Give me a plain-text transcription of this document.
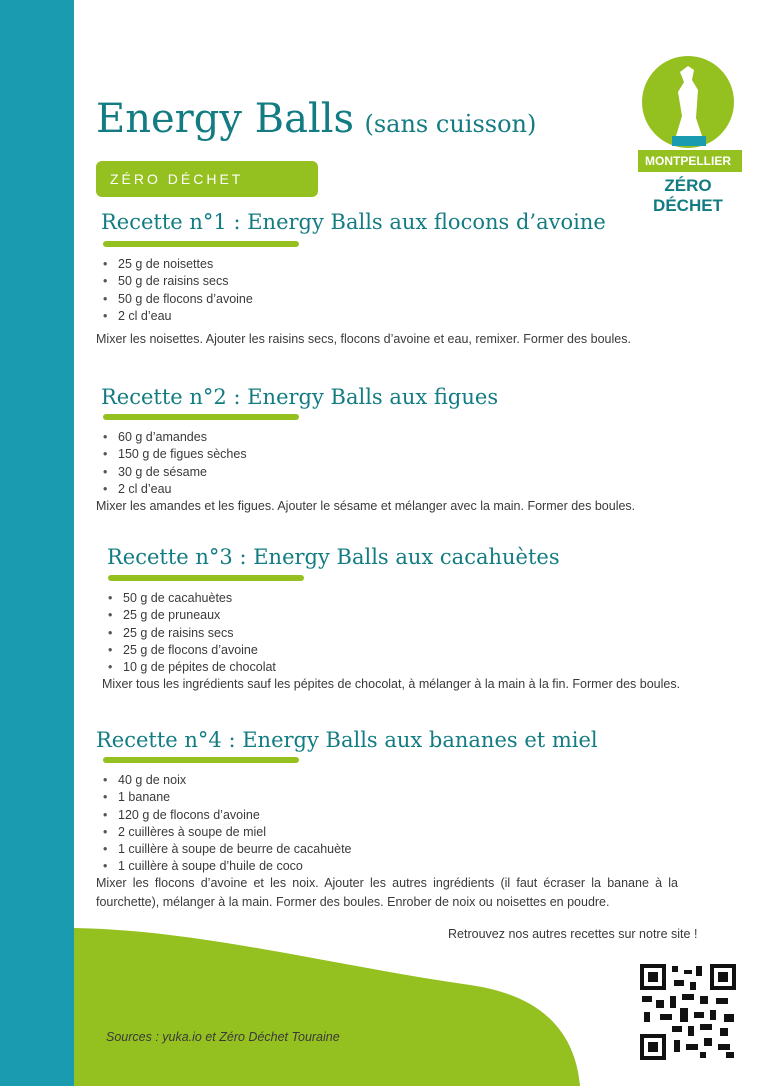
Energy Balls (sans cuisson)
ZÉRO DÉCHET
MONTPELLIER
ZÉRO DÉCHET
Recette n°1 : Energy Balls aux flocons d’avoine
• 25 g de noisettes
• 50 g de raisins secs
• 50 g de flocons d’avoine
• 2 cl d’eau
Mixer les noisettes. Ajouter les raisins secs, flocons d’avoine et eau, remixer. Former des boules.
Recette n°2 : Energy Balls aux figues
• 60 g d’amandes
• 150 g de figues sèches
• 30 g de sésame
• 2 cl d’eau
Mixer les amandes et les figues. Ajouter le sésame et mélanger avec la main. Former des boules.
Recette n°3 : Energy Balls aux cacahuètes
• 50 g de cacahuètes
• 25 g de pruneaux
• 25 g de raisins secs
• 25 g de flocons d’avoine
• 10 g de pépites de chocolat
Mixer tous les ingrédients sauf les pépites de chocolat, à mélanger à la main à la fin. Former des boules.
Recette n°4 : Energy Balls aux bananes et miel
• 40 g de noix
• 1 banane
• 120 g de flocons d’avoine
• 2 cuillères à soupe de miel
• 1 cuillère à soupe de beurre de cacahuète
• 1 cuillère à soupe d’huile de coco
Mixer les flocons d’avoine et les noix. Ajouter les autres ingrédients (il faut écraser la banane à la fourchette), mélanger à la main. Former des boules. Enrober de noix ou noisettes en poudre.
Retrouvez nos autres recettes sur notre site !
Sources : yuka.io et Zéro Déchet Touraine
